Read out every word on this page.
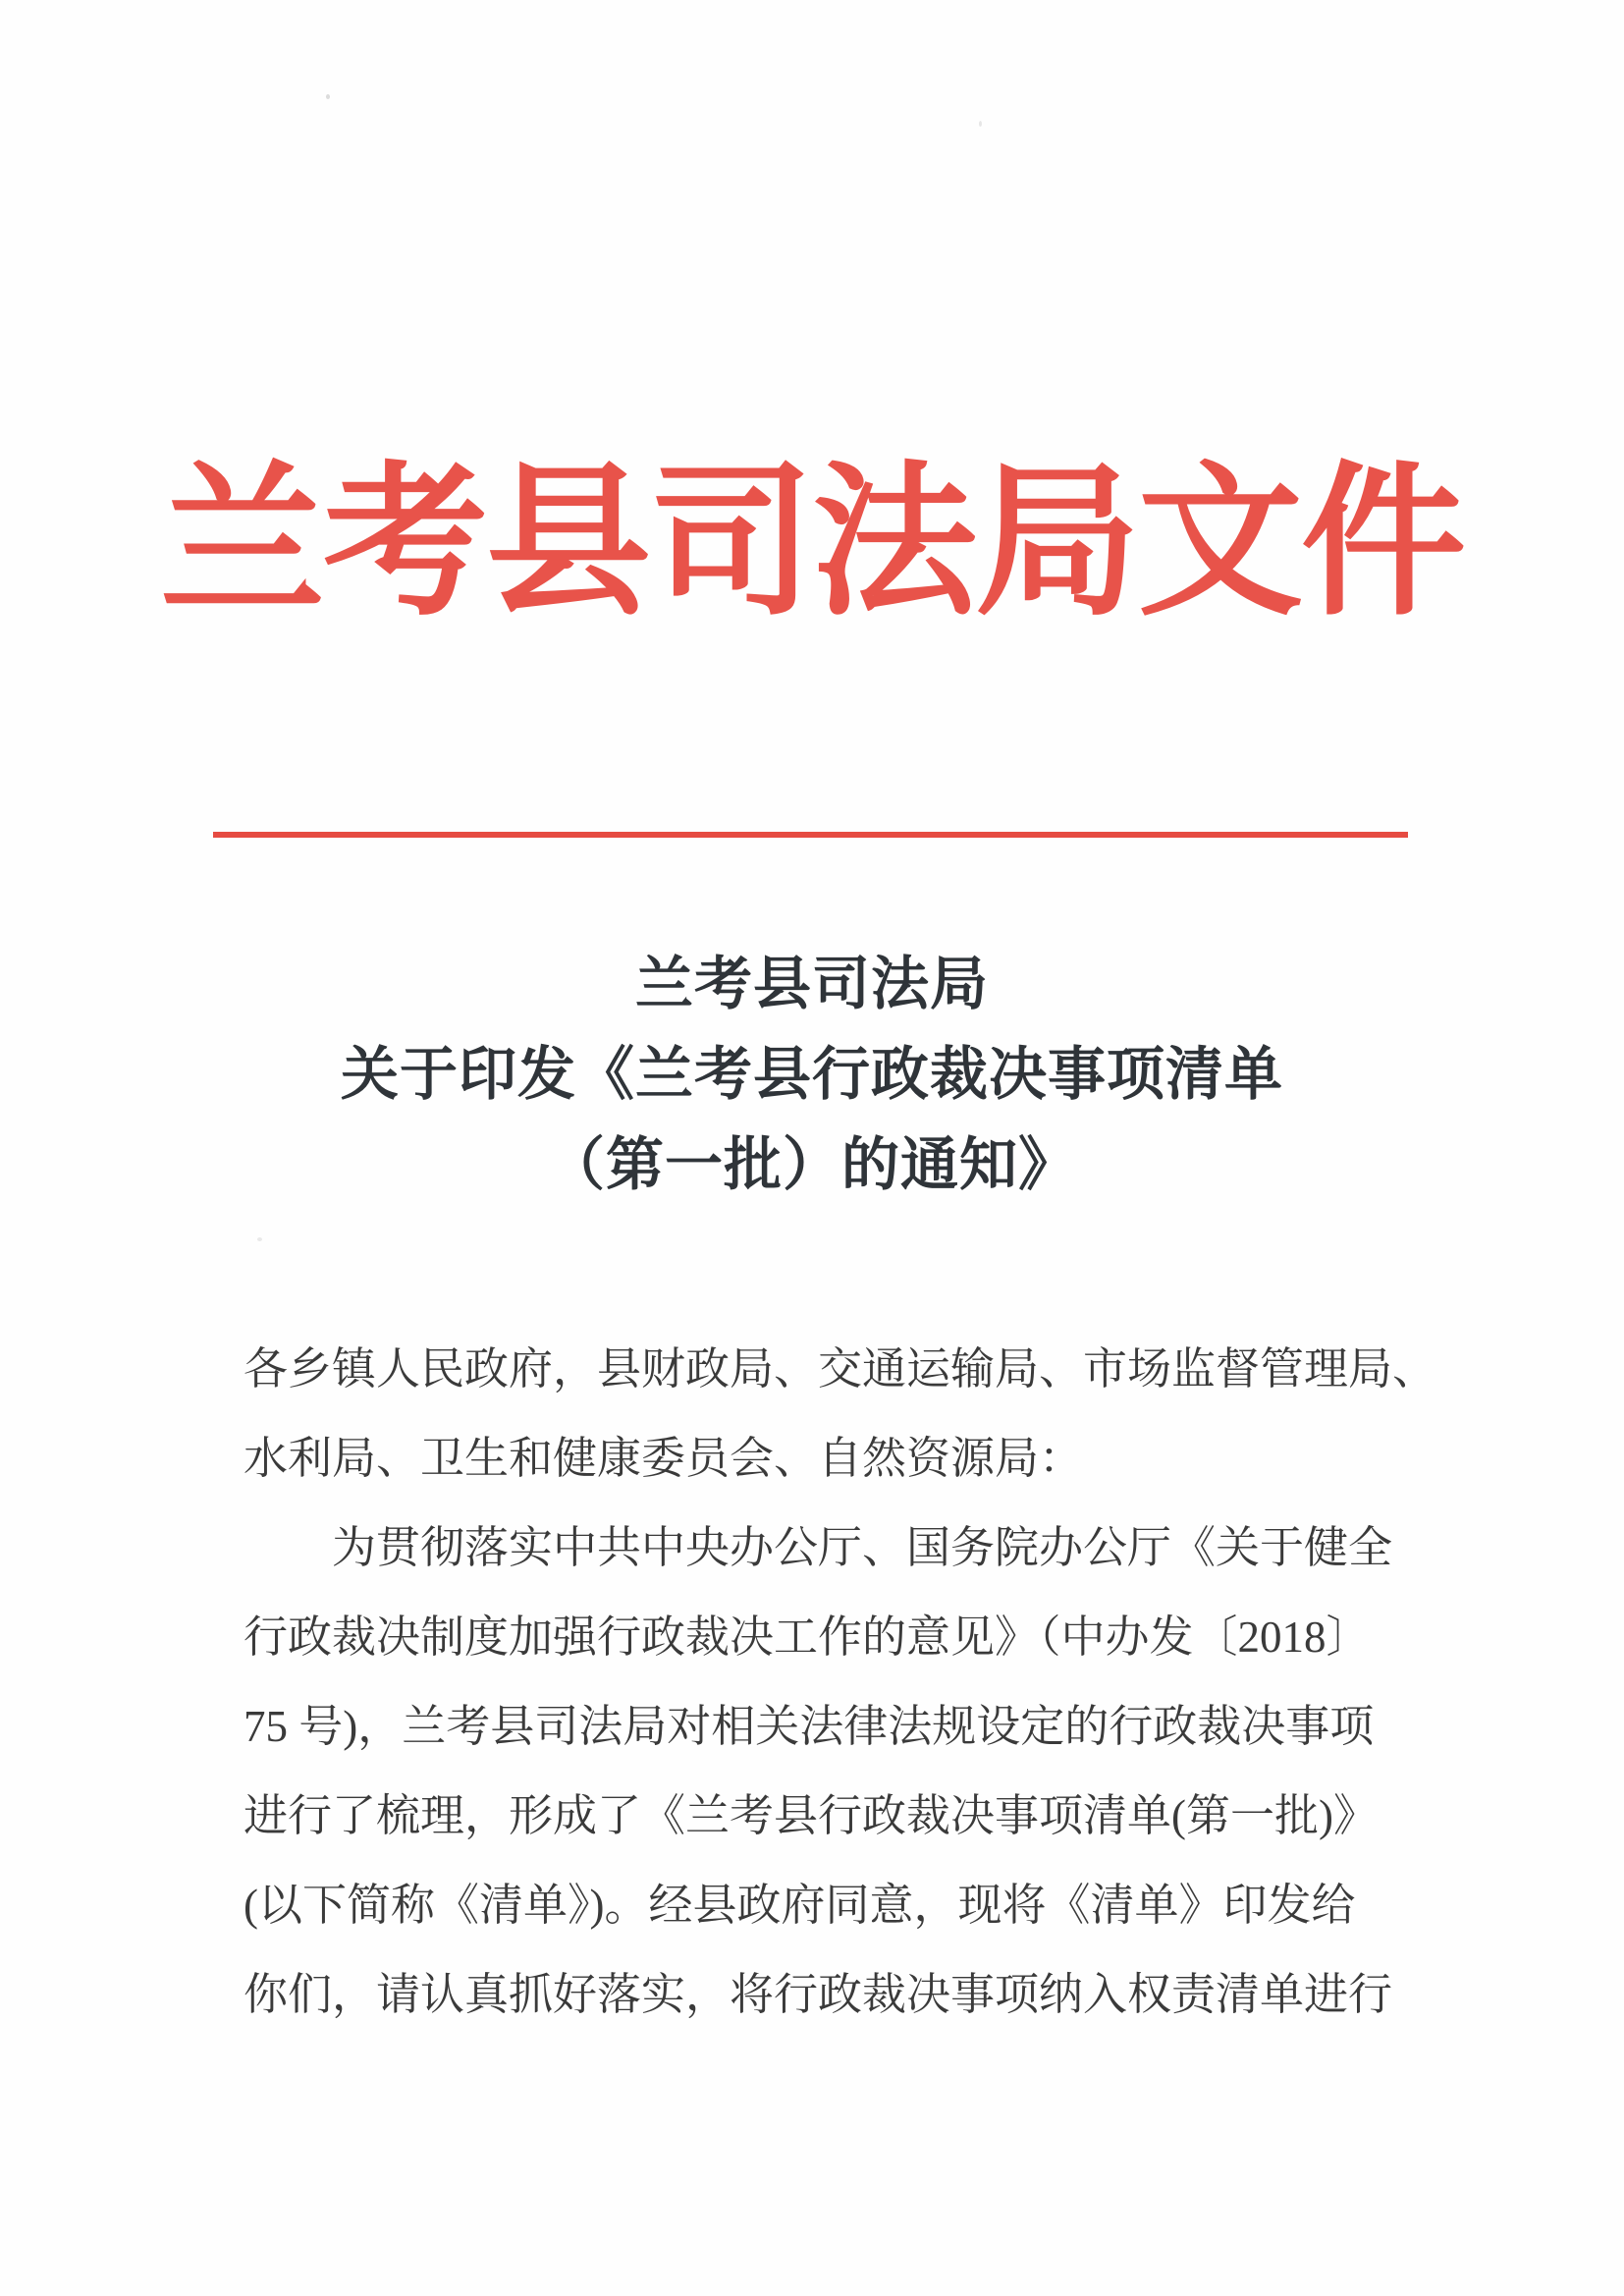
兰考县司法局文件
兰考县司法局
关于印发《兰考县行政裁决事项清单
（第一批）的通知》
各乡镇人民政府，县财政局、交通运输局、市场监督管理局、
水利局、卫生和健康委员会、自然资源局：
为贯彻落实中共中央办公厅、国务院办公厅《关于健全
行政裁决制度加强行政裁决工作的意见》（中办发〔2018〕
75 号)，兰考县司法局对相关法律法规设定的行政裁决事项
进行了梳理，形成了《兰考县行政裁决事项清单(第一批)》
(以下简称《清单》)。经县政府同意，现将《清单》印发给
你们，请认真抓好落实，将行政裁决事项纳入权责清单进行
